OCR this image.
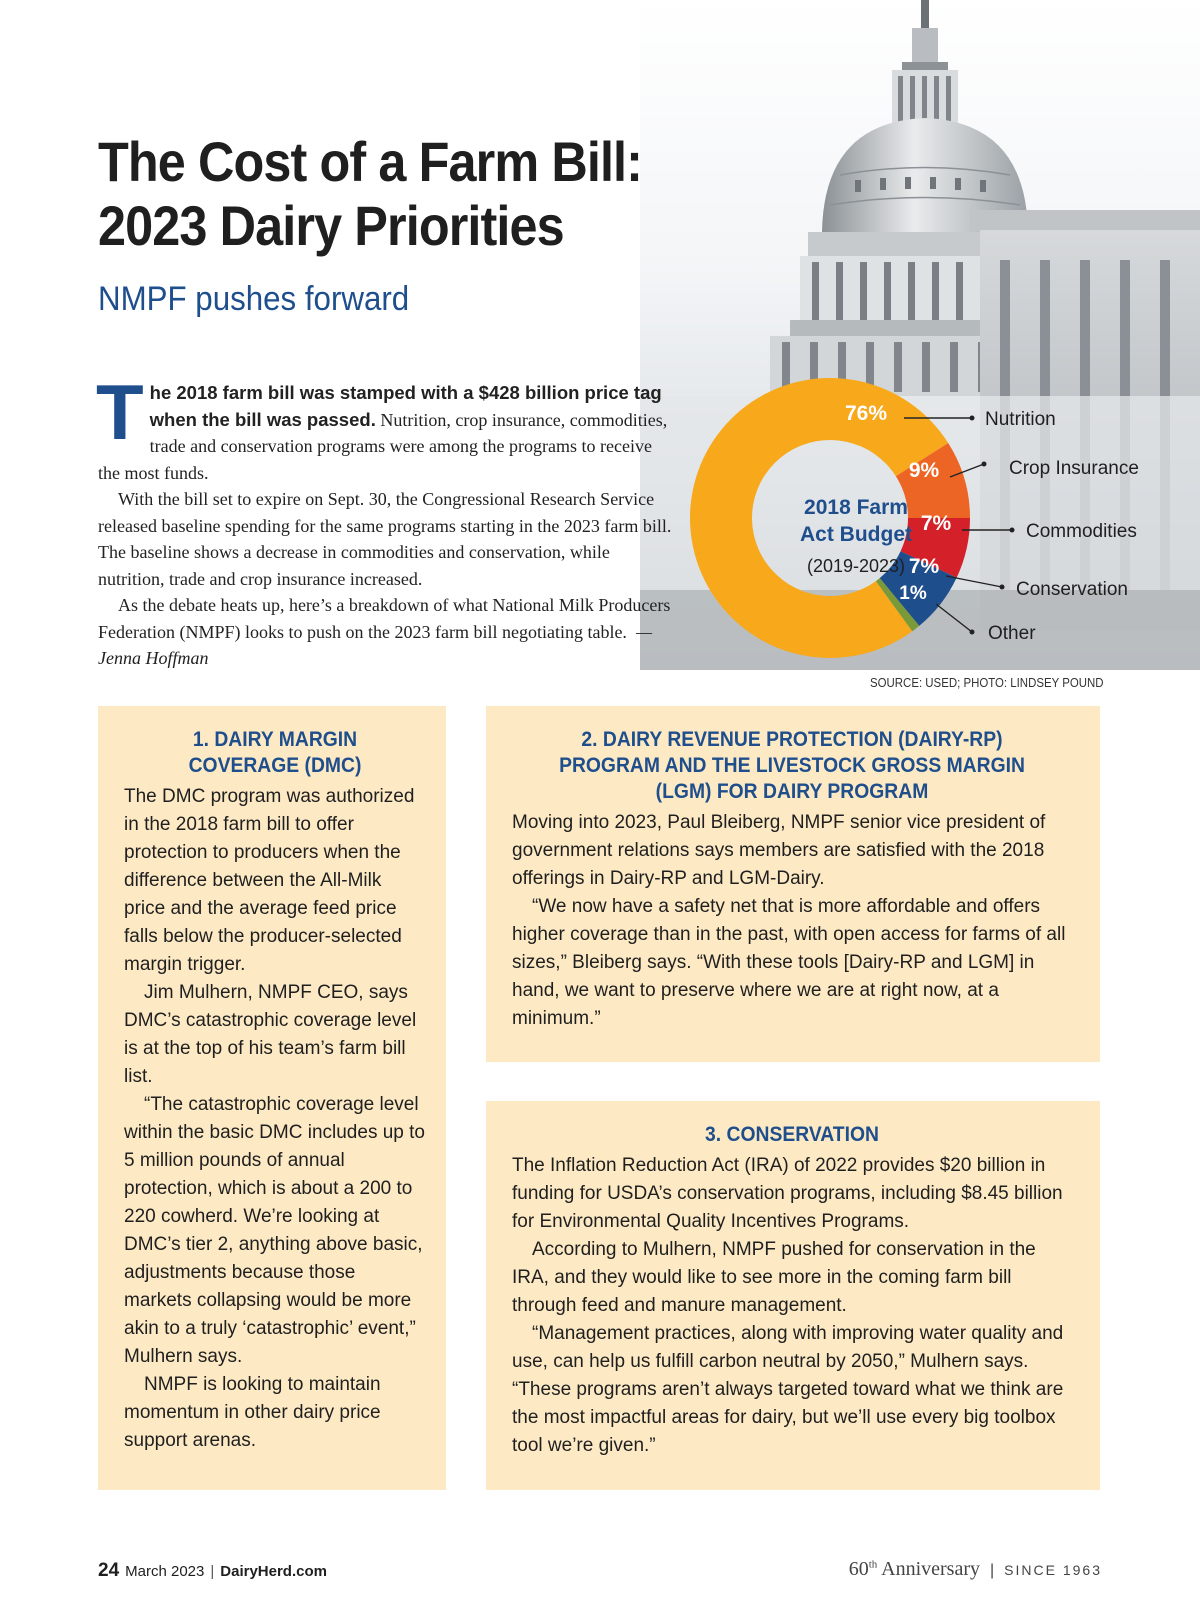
The Cost of a Farm Bill:
2023 Dairy Priorities
NMPF pushes forward

The 2018 farm bill was stamped with a $428 billion price tag when the bill was passed. Nutrition, crop insurance, commodities, trade and conservation programs were among the programs to receive the most funds.

With the bill set to expire on Sept. 30, the Congressional Research Service released baseline spending for the same programs starting in the 2023 farm bill. The baseline shows a decrease in commodities and conservation, while nutrition, trade and crop insurance increased.

As the debate heats up, here’s a breakdown of what National Milk Producers Federation (NMPF) looks to push on the 2023 farm bill negotiating table. —Jenna Hoffman

2018 Farm
Act Budget
(2019-2023)
76%
9%
7%
7%
1%
Nutrition
Crop Insurance
Commodities
Conservation
Other
SOURCE: USED; PHOTO: LINDSEY POUND
1. DAIRY MARGIN
COVERAGE (DMC)

The DMC program was authorized in the 2018 farm bill to offer protection to producers when the difference between the All-Milk price and the average feed price falls below the producer-selected margin trigger.

Jim Mulhern, NMPF CEO, says DMC’s catastrophic coverage level is at the top of his team’s farm bill list.

“The catastrophic coverage level within the basic DMC includes up to 5 million pounds of annual protection, which is about a 200 to 220 cowherd. We’re looking at DMC’s tier 2, anything above basic, adjustments because those markets collapsing would be more akin to a truly ‘catastrophic’ event,” Mulhern says.

NMPF is looking to maintain momentum in other dairy price support arenas.

2. DAIRY REVENUE PROTECTION (DAIRY-RP)
PROGRAM AND THE LIVESTOCK GROSS MARGIN
(LGM) FOR DAIRY PROGRAM

Moving into 2023, Paul Bleiberg, NMPF senior vice president of government relations says members are satisfied with the 2018 offerings in Dairy-RP and LGM-Dairy.

“We now have a safety net that is more affordable and offers higher coverage than in the past, with open access for farms of all sizes,” Bleiberg says. “With these tools [Dairy-RP and LGM] in hand, we want to preserve where we are at right now, at a minimum.”

3. CONSERVATION

The Inflation Reduction Act (IRA) of 2022 provides $20 billion in funding for USDA’s conservation programs, including $8.45 billion for Environmental Quality Incentives Programs.

According to Mulhern, NMPF pushed for conservation in the IRA, and they would like to see more in the coming farm bill through feed and manure management.

“Management practices, along with improving water quality and use, can help us fulfill carbon neutral by 2050,” Mulhern says. “These programs aren’t always targeted toward what we think are the most impactful areas for dairy, but we’ll use every big toolbox tool we’re given.”

24 March 2023 | DairyHerd.com	60th Anniversary | SINCE 1963
